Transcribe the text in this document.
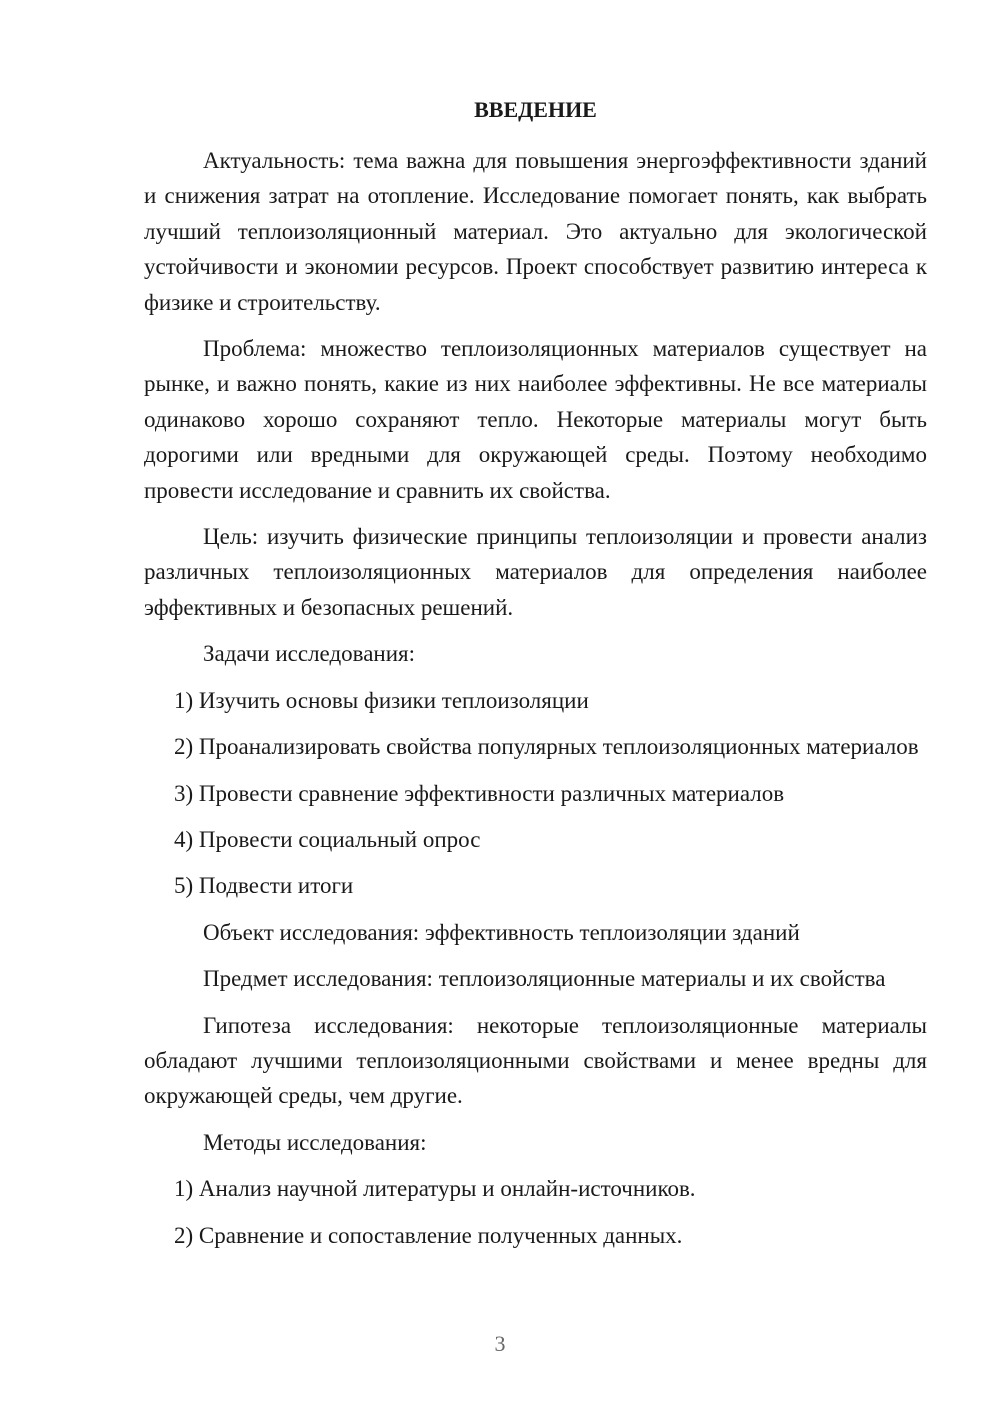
ВВЕДЕНИЕ

Актуальность: тема важна для повышения энергоэффективности зданий и снижения затрат на отопление. Исследование помогает понять, как выбрать лучший теплоизоляционный материал. Это актуально для экологической устойчивости и экономии ресурсов. Проект способствует развитию интереса к физике и строительству.

Проблема: множество теплоизоляционных материалов существует на рынке, и важно понять, какие из них наиболее эффективны. Не все материалы одинаково хорошо сохраняют тепло. Некоторые материалы могут быть дорогими или вредными для окружающей среды. Поэтому необходимо провести исследование и сравнить их свойства.

Цель: изучить физические принципы теплоизоляции и провести анализ различных теплоизоляционных материалов для определения наиболее эффективных и безопасных решений.

Задачи исследования:

1) Изучить основы физики теплоизоляции

2) Проанализировать свойства популярных теплоизоляционных материалов

3) Провести сравнение эффективности различных материалов

4) Провести социальный опрос

5) Подвести итоги

Объект исследования: эффективность теплоизоляции зданий

Предмет исследования: теплоизоляционные материалы и их свойства

Гипотеза исследования: некоторые теплоизоляционные материалы обладают лучшими теплоизоляционными свойствами и менее вредны для окружающей среды, чем другие.

Методы исследования:

1) Анализ научной литературы и онлайн-источников.

2) Сравнение и сопоставление полученных данных.

3
